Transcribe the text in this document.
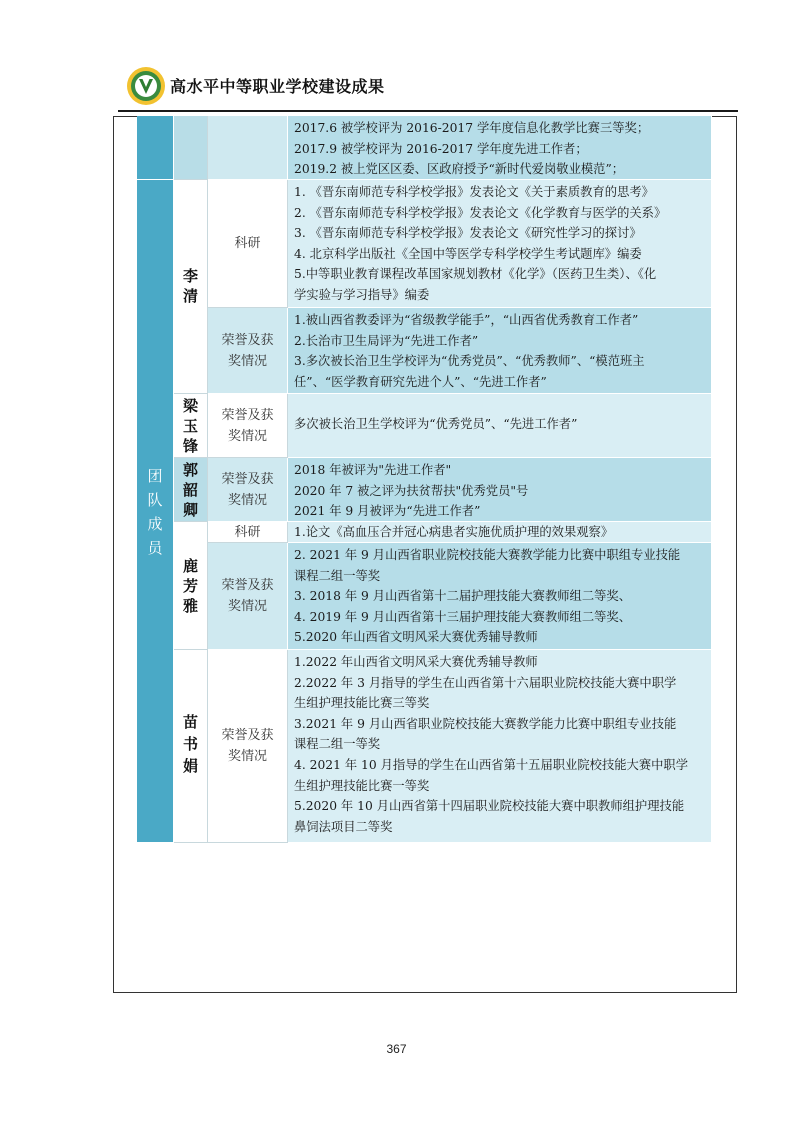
高水平中等职业学校建设成果
团
队
成
员
2017.6 被学校评为 2016-2017 学年度信息化教学比赛三等奖；
2017.9 被学校评为 2016-2017 学年度先进工作者；
2019.2 被上党区区委、区政府授予“新时代爱岗敬业模范”；
李
清
科研
1. 《晋东南师范专科学校学报》发表论文《关于素质教育的思考》
2. 《晋东南师范专科学校学报》发表论文《化学教育与医学的关系》
3. 《晋东南师范专科学校学报》发表论文《研究性学习的探讨》
4. 北京科学出版社《全国中等医学专科学校学生考试题库》编委
5.中等职业教育课程改革国家规划教材《化学》（医药卫生类）、《化
学实验与学习指导》编委
荣誉及获奖情况
1.被山西省教委评为“省级教学能手”，“山西省优秀教育工作者”
2.长治市卫生局评为“先进工作者”
3.多次被长治卫生学校评为“优秀党员”、“优秀教师”、“模范班主
任”、“医学教育研究先进个人”、“先进工作者”
梁
玉
锋
荣誉及获奖情况
多次被长治卫生学校评为“优秀党员”、“先进工作者”
郭
韶
卿
荣誉及获奖情况
2018 年被评为"先进工作者"
2020 年 7 被之评为扶贫帮扶"优秀党员"号
2021 年 9 月被评为“先进工作者”
鹿
芳
雅
科研	1.论文《高血压合并冠心病患者实施优质护理的效果观察》
荣誉及获奖情况
2. 2021 年 9 月山西省职业院校技能大赛教学能力比赛中职组专业技能
课程二组一等奖
3. 2018 年 9 月山西省第十二届护理技能大赛教师组二等奖、
4. 2019 年 9 月山西省第十三届护理技能大赛教师组二等奖、
5.2020 年山西省文明风采大赛优秀辅导教师
苗
书
娟
荣誉及获奖情况
1.2022 年山西省文明风采大赛优秀辅导教师
2.2022 年 3 月指导的学生在山西省第十六届职业院校技能大赛中职学
生组护理技能比赛三等奖
3.2021 年 9 月山西省职业院校技能大赛教学能力比赛中职组专业技能
课程二组一等奖
4. 2021 年 10 月指导的学生在山西省第十五届职业院校技能大赛中职学
生组护理技能比赛一等奖
5.2020 年 10 月山西省第十四届职业院校技能大赛中职教师组护理技能
鼻饲法项目二等奖
367
